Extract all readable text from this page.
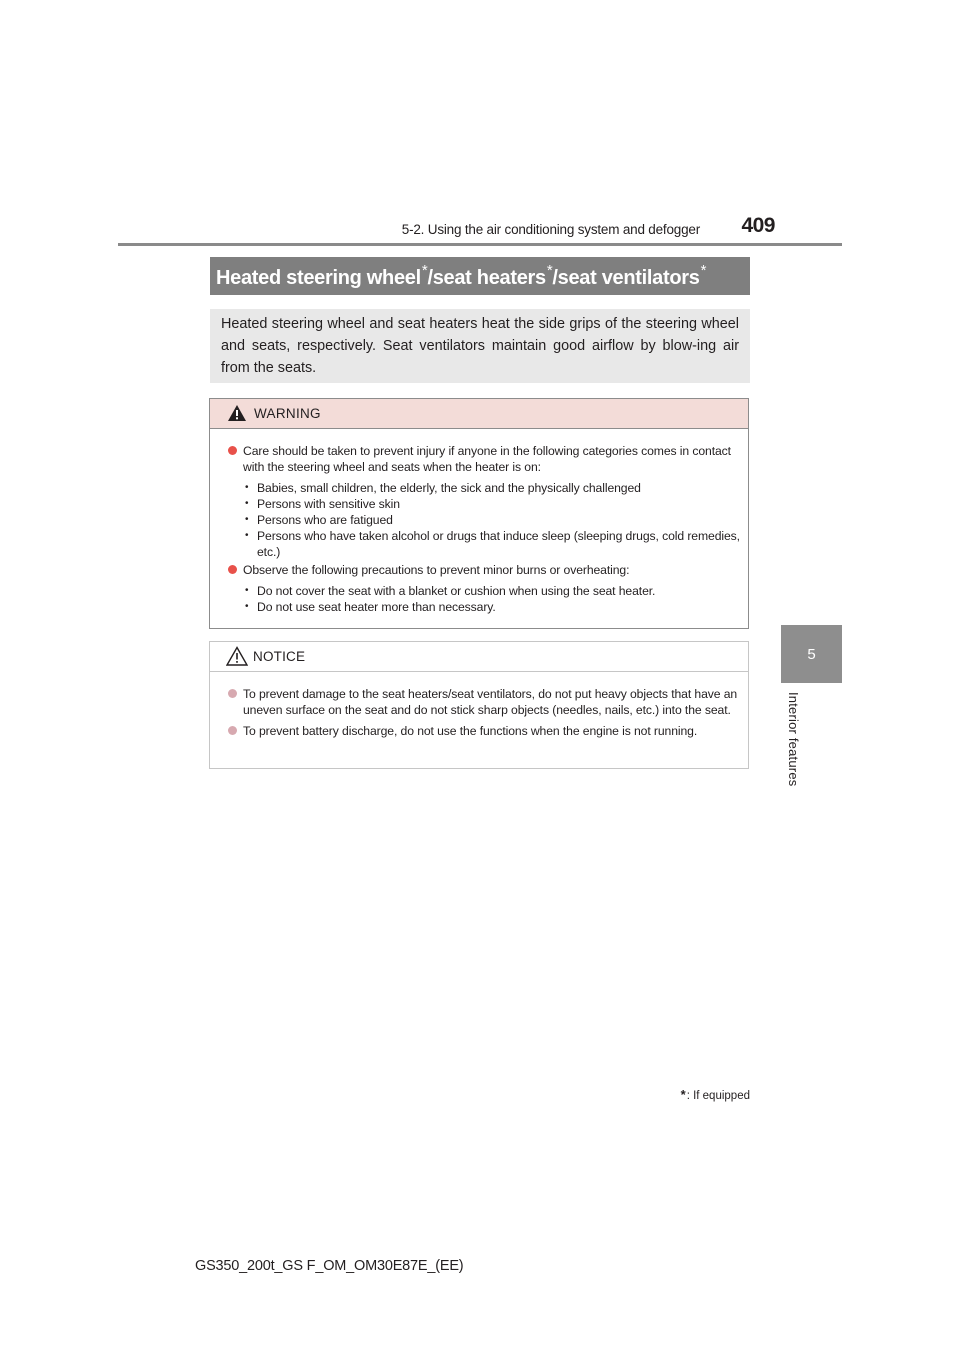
5-2. Using the air conditioning system and defogger	409
5
Interior features
Heated steering wheel*/seat heaters*/seat ventilators*
Heated steering wheel and seat heaters heat the side grips of the steering wheel and seats, respectively. Seat ventilators maintain good airflow by blow-ing air from the seats.
WARNING
Care should be taken to prevent injury if anyone in the following categories comes in contact with the steering wheel and seats when the heater is on:
• Babies, small children, the elderly, the sick and the physically challenged
• Persons with sensitive skin
• Persons who are fatigued
• Persons who have taken alcohol or drugs that induce sleep (sleeping drugs, cold remedies, etc.)
Observe the following precautions to prevent minor burns or overheating:
• Do not cover the seat with a blanket or cushion when using the seat heater.
• Do not use seat heater more than necessary.
NOTICE
To prevent damage to the seat heaters/seat ventilators, do not put heavy objects that have an uneven surface on the seat and do not stick sharp objects (needles, nails, etc.) into the seat.
To prevent battery discharge, do not use the functions when the engine is not running.
*: If equipped
GS350_200t_GS F_OM_OM30E87E_(EE)
